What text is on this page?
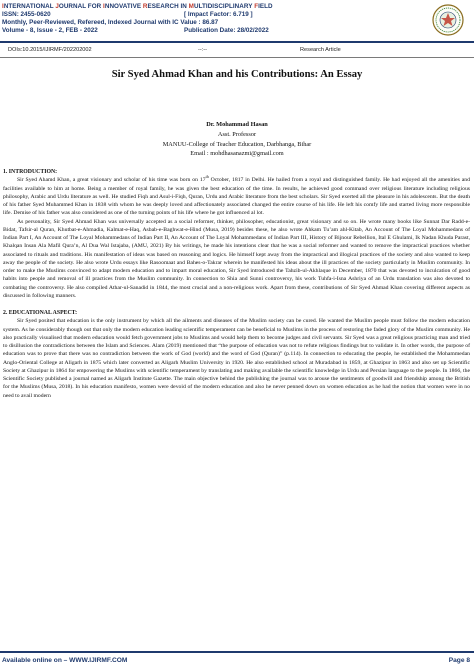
I NTERNATIONAL J OURNAL FOR I NNOVATIVE R ESEARCH IN M ULTIDISCIPLINARY F IELD
ISSN: 2455-0620	[ Impact Factor: 6.719 ]
Monthly, Peer-Reviewed, Refereed, Indexed Journal with IC Value : 86.87
Volume - 8, Issue - 2, FEB - 2022	Publication Date: 28/02/2022
DOIs:10.2015/IJIRMF/202202002	--:--	Research Article
Sir Syed Ahmad Khan and his Contributions: An Essay
Dr. Mohammad Hasan
Asst. Professor
MANUU-College of Teacher Education, Darbhanga, Bihar
Email : mohdhasanazmi@gmail.com
1. INTRODUCTION:

Sir Syed Ahamd Khan, a great visionary and scholar of his time was born on 17th October, 1817 in Delhi. He hailed from a royal and distinguished family. He had enjoyed all the amenities and facilities available to him at home. Being a member of royal family, he was given the best education of the time. In results, he achieved good command over religious literature including religious philosophy, Arabic and Urdu literature as well. He studied Fiqh and Asul-i-Fiqh, Quran, Urdu and Arabic literature from the best scholars. Sir Syed exerted all the pleasure in his adolescents. But the death of his father Syed Muhammed Khan in 1838 with whom he was deeply loved and affectionately associated changed the entire course of his life. He left his comfy life and started living more responsible life. Demise of his father was also considered as one of the turning points of his life where he got influenced al lot.

As personality, Sir Syed Ahmad Khan was universally accepted as a social reformer, thinker, philosopher, educationist, great visionary and so on. He wrote many books like Sunnat Dar Radd-e- Bidat, Tafsir-al Quran, Khutbat-e-Ahmadia, Kalmat-e-Haq, Asbab-e-Baghwat-e-Hind (Musa, 2019) besides these, he also wrote Ahkam Tu’am ahl-Kitab, An Account of The Loyal Mohammedans of Indian Part I, An Account of The Loyal Mohammedans of Indian Part II, An Account of The Loyal Mohammedans of Indian Part III, History of Bijnour Rebellion, Ital E Ghulami, Ik Nadan Khuda Parast, Khalqan Insan Ala Mafil Qura’n, Al Dua Wal Istajaba, (AMU, 2021) By his writings, he made his intentions clear that he was a social reformer and wanted to remove the impractical practices whether associated to rituals and traditions. His manifestation of ideas was based on reasoning and logics. He himself kept away from the impractical and illogical practices of the society and also wanted to keep away the people of the society. He also wrote Urdu essays like Rasoomaat and Bahes-o-Takrar wherein he manifested his ideas about the ill practices of the society particularly in Muslim community. In order to make the Muslims convinced to adapt modern education and to impart moral education, Sir Syed introduced the Tahzib-ul-Akhlaque in December, 1870 that was devoted to inculcation of good habits into people and removal of ill practices from the Muslim community. In connection to Shia and Sunni controversy, his work Tuhfa-i-Isna Ashriya of an Urdu translation was also devoted to combating the controversy. He also compiled Athar-ul-Sanadid in 1844, the most crucial and a non-religious work. Apart from these, contributions of Sir Syed Ahmad Khan covering different aspects as discussed in following manners.

2. EDUCATIONAL ASPECT:

Sir Syed posited that education is the only instrument by which all the ailments and diseases of the Muslim society can be cured. He wanted the Muslim people must follow the modern education system. As he considerably though out that only the modern education leading scientific temperament can be beneficial to Muslims in the process of restoring the faded glory of the Muslim community. He also practically visualised that modern education would fetch government jobs to Muslims and would help them to become judges and civil servants. Sir Syed was a great religious practicing man and tried to disillusion the contradictions between the Islam and Sciences. Alam (2019) mentioned that “the purpose of education was not to refute religious findings but to validate it. In other words, the purpose of education was to prove that there was no contradiction between the work of God (world) and the word of God (Quran)” (p.114). In connection to educating the people, he established the Mohammedan Anglo-Oriental College at Aligarh in 1875 which later converted as Aligarh Muslim University in 1920. He also established school at Muradabad in 1859, at Ghazipur in 1863 and also set up Scientific Society at Ghazipur in 1864 for empowering the Muslims with scientific temperament by translating and making available the scientific knowledge in Urdu and Persian language to the people. In 1866, the Scientific Society published a journal named as Aligarh Institute Gazette. The main objective behind the publishing the journal was to arouse the sentiments of goodwill and friendship among the British for the Muslims (Musa, 2018). In his education manifesto, women were devoid of the modern education and also he never penned down on women education as he had the notion that women were in no need to avail modern

Available online on – WWW.IJIRMF.COM	Page 8
